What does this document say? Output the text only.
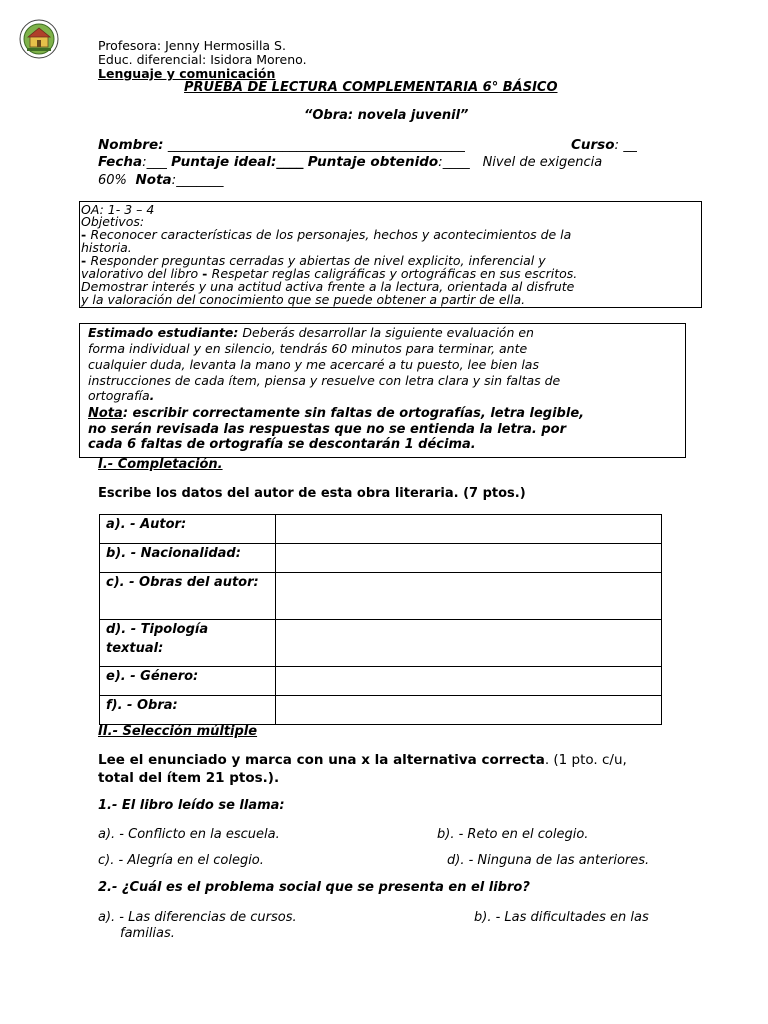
Profesora: Jenny Hermosilla S.
Educ. diferencial: Isidora Moreno.
Lenguaje y comunicación
PRUEBA DE LECTURA COMPLEMENTARIA 6° BÁSICO
“Obra: novela juvenil”
Nombre: ____________________________________________	Curso: __
Fecha:___ Puntaje ideal:____ Puntaje obtenido:____ Nivel de exigencia
60% Nota:_______
OA: 1- 3 – 4
Objetivos:
- Reconocer características de los personajes, hechos y acontecimientos de la
historia.
- Responder preguntas cerradas y abiertas de nivel explicito, inferencial y
valorativo del libro - Respetar reglas caligráficas y ortográficas en sus escritos.
Demostrar interés y una actitud activa frente a la lectura, orientada al disfrute
y la valoración del conocimiento que se puede obtener a partir de ella.
Estimado estudiante: Deberás desarrollar la siguiente evaluación en
forma individual y en silencio, tendrás 60 minutos para terminar, ante
cualquier duda, levanta la mano y me acercaré a tu puesto, lee bien las
instrucciones de cada ítem, piensa y resuelve con letra clara y sin faltas de
ortografía.
Nota: escribir correctamente sin faltas de ortografías, letra legible,
no serán revisada las respuestas que no se entienda la letra. por
cada 6 faltas de ortografía se descontarán 1 décima.
I.- Completación.
Escribe los datos del autor de esta obra literaria. (7 ptos.)
a). - Autor:	
b). - Nacionalidad:	
c). - Obras del autor:	
d). - Tipología textual:	
e). - Género:	
f). - Obra:	
II.- Selección múltiple
Lee el enunciado y marca con una x la alternativa correcta. (1 pto. c/u,
total del ítem 21 ptos.).
1.- El libro leído se llama:
a). - Conflicto en la escuela.	b). - Reto en el colegio.
c). - Alegría en el colegio.	d). - Ninguna de las anteriores.
2.- ¿Cuál es el problema social que se presenta en el libro?
a). - Las diferencias de cursos.	b). - Las dificultades en las
familias.
